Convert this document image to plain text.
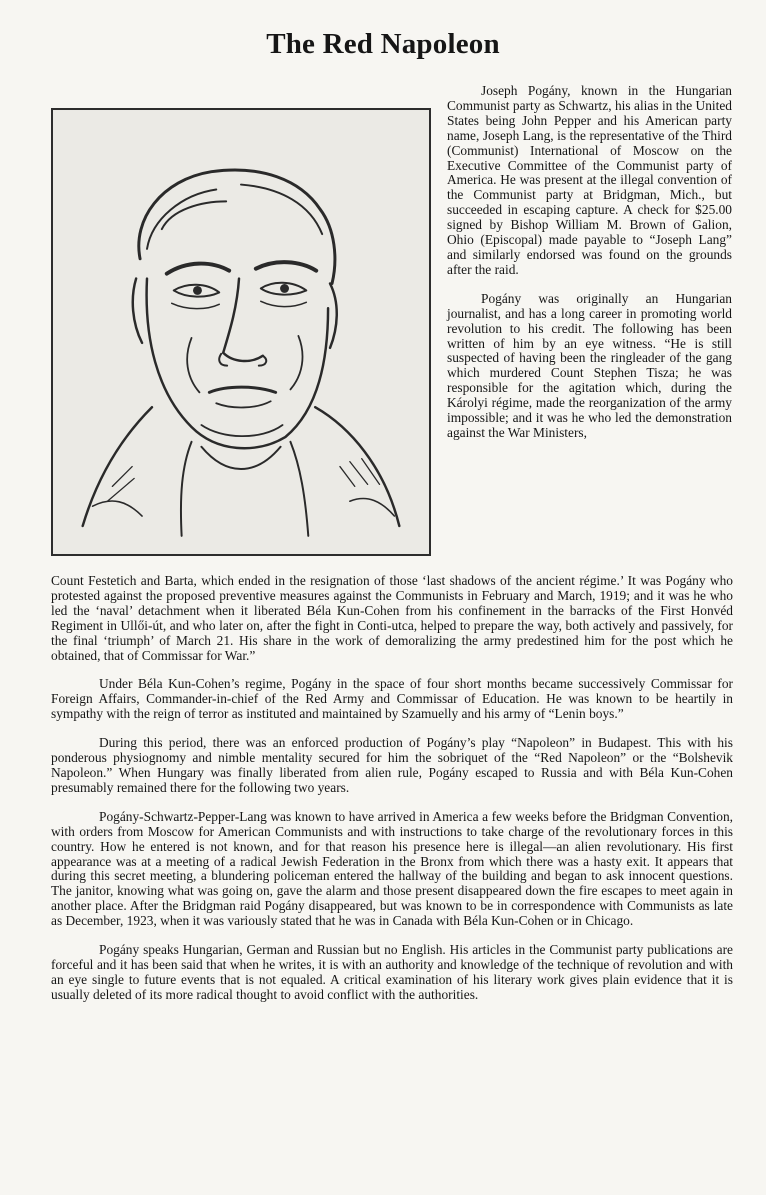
The Red Napoleon

Joseph Pogány, known in the Hungarian Communist party as Schwartz, his alias in the United States being John Pepper and his American party name, Joseph Lang, is the representative of the Third (Communist) International of Moscow on the Executive Committee of the Communist party of America. He was present at the illegal convention of the Communist party at Bridgman, Mich., but succeeded in escaping capture. A check for $25.00 signed by Bishop William M. Brown of Galion, Ohio (Episcopal) made payable to “Joseph Lang” and similarly endorsed was found on the grounds after the raid.

Pogány was originally an Hungarian journalist, and has a long career in promoting world revolution to his credit. The following has been written of him by an eye witness. “He is still suspected of having been the ringleader of the gang which murdered Count Stephen Tisza; he was responsible for the agitation which, during the Károlyi régime, made the reorganization of the army impossible; and it was he who led the demonstration against the War Ministers,

Count Festetich and Barta, which ended in the resignation of those ‘last shadows of the ancient régime.’ It was Pogány who protested against the proposed preventive measures against the Communists in February and March, 1919; and it was he who led the ‘naval’ detachment when it liberated Béla Kun-Cohen from his confinement in the barracks of the First Honvéd Regiment in Ullői-út, and who later on, after the fight in Conti-utca, helped to prepare the way, both actively and passively, for the final ‘triumph’ of March 21. His share in the work of demoralizing the army predestined him for the post which he obtained, that of Commissar for War.”

Under Béla Kun-Cohen’s regime, Pogány in the space of four short months became successively Commissar for Foreign Affairs, Commander-in-chief of the Red Army and Commissar of Education. He was known to be heartily in sympathy with the reign of terror as instituted and maintained by Szamuelly and his army of “Lenin boys.”

During this period, there was an enforced production of Pogány’s play “Napoleon” in Budapest. This with his ponderous physiognomy and nimble mentality secured for him the sobriquet of the “Red Napoleon” or the “Bolshevik Napoleon.” When Hungary was finally liberated from alien rule, Pogány escaped to Russia and with Béla Kun-Cohen presumably remained there for the following two years.

Pogány-Schwartz-Pepper-Lang was known to have arrived in America a few weeks before the Bridgman Convention, with orders from Moscow for American Communists and with instructions to take charge of the revolutionary forces in this country. How he entered is not known, and for that reason his presence here is illegal—an alien revolutionary. His first appearance was at a meeting of a radical Jewish Federation in the Bronx from which there was a hasty exit. It appears that during this secret meeting, a blundering policeman entered the hallway of the building and began to ask innocent questions. The janitor, knowing what was going on, gave the alarm and those present disappeared down the fire escapes to meet again in another place. After the Bridgman raid Pogány disappeared, but was known to be in correspondence with Communists as late as December, 1923, when it was variously stated that he was in Canada with Béla Kun-Cohen or in Chicago.

Pogány speaks Hungarian, German and Russian but no English. His articles in the Communist party publications are forceful and it has been said that when he writes, it is with an authority and knowledge of the technique of revolution and with an eye single to future events that is not equaled. A critical examination of his literary work gives plain evidence that it is usually deleted of its more radical thought to avoid conflict with the authorities.
